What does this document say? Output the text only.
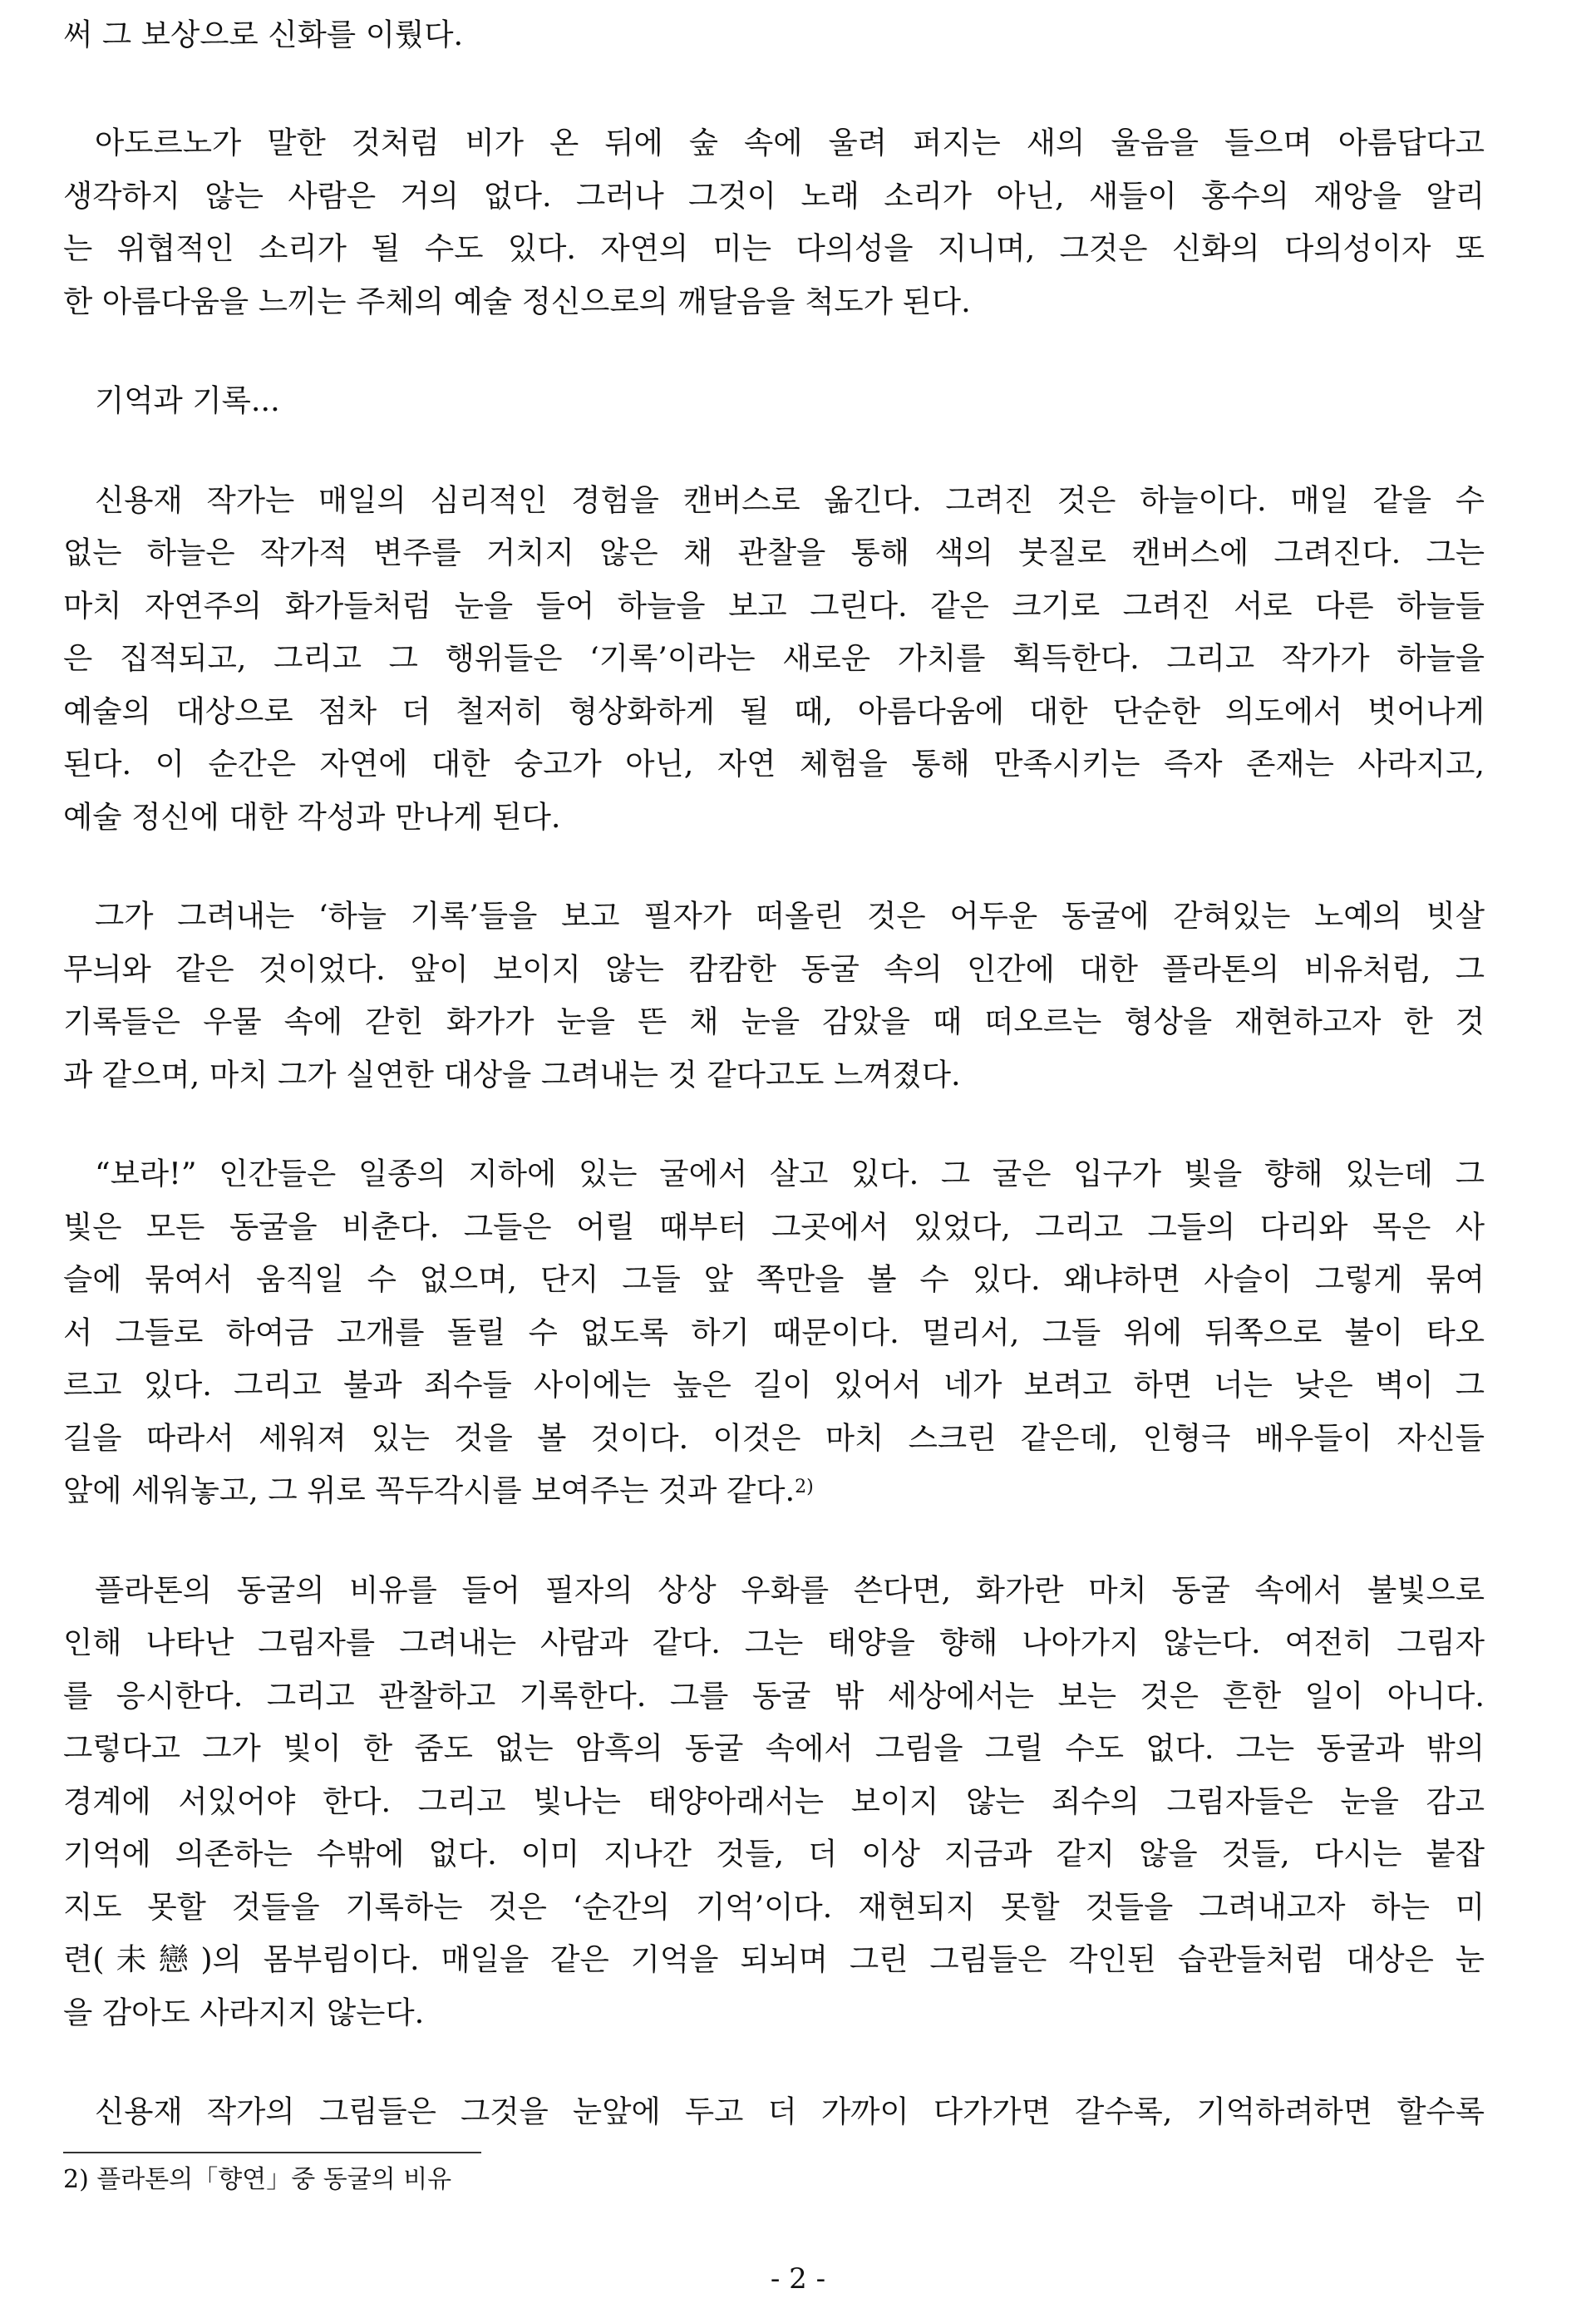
써 그 보상으로 신화를 이뤘다.
아도르노가 말한 것처럼 비가 온 뒤에 숲 속에 울려 퍼지는 새의 울음을 들으며 아름답다고
생각하지 않는 사람은 거의 없다. 그러나 그것이 노래 소리가 아닌, 새들이 홍수의 재앙을 알리
는 위협적인 소리가 될 수도 있다. 자연의 미는 다의성을 지니며, 그것은 신화의 다의성이자 또
한 아름다움을 느끼는 주체의 예술 정신으로의 깨달음을 척도가 된다.
기억과 기록...
신용재 작가는 매일의 심리적인 경험을 캔버스로 옮긴다. 그려진 것은 하늘이다. 매일 같을 수
없는 하늘은 작가적 변주를 거치지 않은 채 관찰을 통해 색의 붓질로 캔버스에 그려진다. 그는
마치 자연주의 화가들처럼 눈을 들어 하늘을 보고 그린다. 같은 크기로 그려진 서로 다른 하늘들
은 집적되고, 그리고 그 행위들은 ‘기록’이라는 새로운 가치를 획득한다. 그리고 작가가 하늘을
예술의 대상으로 점차 더 철저히 형상화하게 될 때, 아름다움에 대한 단순한 의도에서 벗어나게
된다. 이 순간은 자연에 대한 숭고가 아닌, 자연 체험을 통해 만족시키는 즉자 존재는 사라지고,
예술 정신에 대한 각성과 만나게 된다.
그가 그려내는 ‘하늘 기록’들을 보고 필자가 떠올린 것은 어두운 동굴에 갇혀있는 노예의 빗살
무늬와 같은 것이었다. 앞이 보이지 않는 캄캄한 동굴 속의 인간에 대한 플라톤의 비유처럼, 그
기록들은 우물 속에 갇힌 화가가 눈을 뜬 채 눈을 감았을 때 떠오르는 형상을 재현하고자 한 것
과 같으며, 마치 그가 실연한 대상을 그려내는 것 같다고도 느껴졌다.
“보라!” 인간들은 일종의 지하에 있는 굴에서 살고 있다. 그 굴은 입구가 빛을 향해 있는데 그
빛은 모든 동굴을 비춘다. 그들은 어릴 때부터 그곳에서 있었다, 그리고 그들의 다리와 목은 사
슬에 묶여서 움직일 수 없으며, 단지 그들 앞 쪽만을 볼 수 있다. 왜냐하면 사슬이 그렇게 묶여
서 그들로 하여금 고개를 돌릴 수 없도록 하기 때문이다. 멀리서, 그들 위에 뒤쪽으로 불이 타오
르고 있다. 그리고 불과 죄수들 사이에는 높은 길이 있어서 네가 보려고 하면 너는 낮은 벽이 그
길을 따라서 세워져 있는 것을 볼 것이다. 이것은 마치 스크린 같은데, 인형극 배우들이 자신들
앞에 세워놓고, 그 위로 꼭두각시를 보여주는 것과 같다.$^{2)}$
플라톤의 동굴의 비유를 들어 필자의 상상 우화를 쓴다면, 화가란 마치 동굴 속에서 불빛으로
인해 나타난 그림자를 그려내는 사람과 같다. 그는 태양을 향해 나아가지 않는다. 여전히 그림자
를 응시한다. 그리고 관찰하고 기록한다. 그를 동굴 밖 세상에서는 보는 것은 흔한 일이 아니다.
그렇다고 그가 빛이 한 줌도 없는 암흑의 동굴 속에서 그림을 그릴 수도 없다. 그는 동굴과 밖의
경계에 서있어야 한다. 그리고 빛나는 태양아래서는 보이지 않는 죄수의 그림자들은 눈을 감고
기억에 의존하는 수밖에 없다. 이미 지나간 것들, 더 이상 지금과 같지 않을 것들, 다시는 붙잡
지도 못할 것들을 기록하는 것은 ‘순간의 기억’이다. 재현되지 못할 것들을 그려내고자 하는 미
련(未戀)의 몸부림이다. 매일을 같은 기억을 되뇌며 그린 그림들은 각인된 습관들처럼 대상은 눈
을 감아도 사라지지 않는다.
신용재 작가의 그림들은 그것을 눈앞에 두고 더 가까이 다가가면 갈수록, 기억하려하면 할수록
2) 플라톤의「향연」중 동굴의 비유
- 2 -
